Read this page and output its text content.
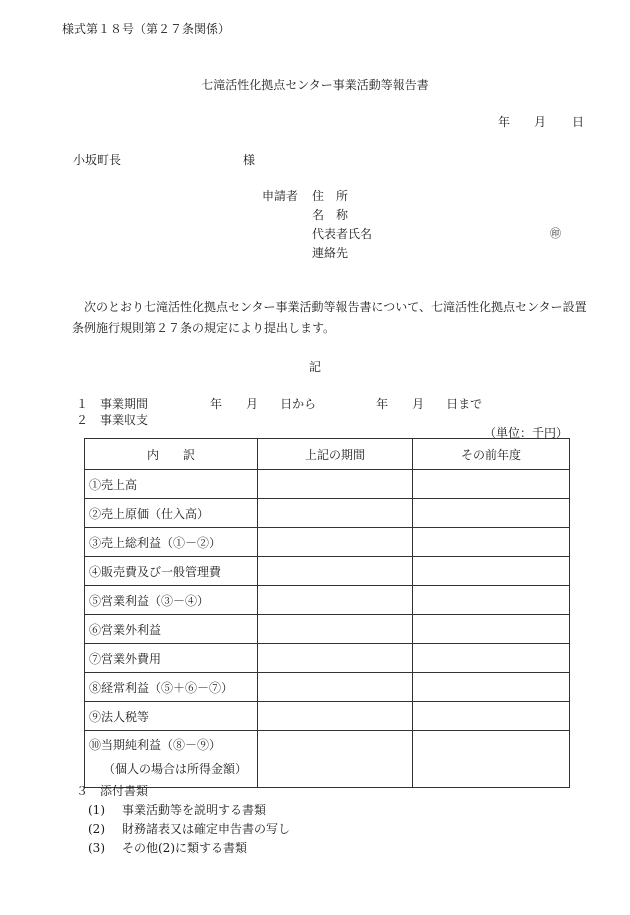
様式第１８号（第２７条関係）
七滝活性化拠点センター事業活動等報告書
年 月 日
小坂町長	様
申請者 住　所
名　称
代表者氏名	㊞
連絡先
　次のとおり七滝活性化拠点センター事業活動等報告書について、七滝活性化拠点センター設置条例施行規則第２７条の規定により提出します。
記
１ 事業期間	年 月 日から	年 月 日まで
２ 事業収支
（単位：千円）
内　　訳	上記の期間	その前年度
①売上高		
②売上原価（仕入高）		
③売上総利益（①－②）		
④販売費及び一般管理費		
⑤営業利益（③－④）		
⑥営業外利益		
⑦営業外費用		
⑧経常利益（⑤＋⑥－⑦）		
⑨法人税等		

⑩当期純利益（⑧－⑨）
（個人の場合は所得金額）		

３ 添付書類
(1) 事業活動等を説明する書類
(2) 財務諸表又は確定申告書の写し
(3) その他(2)に類する書類
